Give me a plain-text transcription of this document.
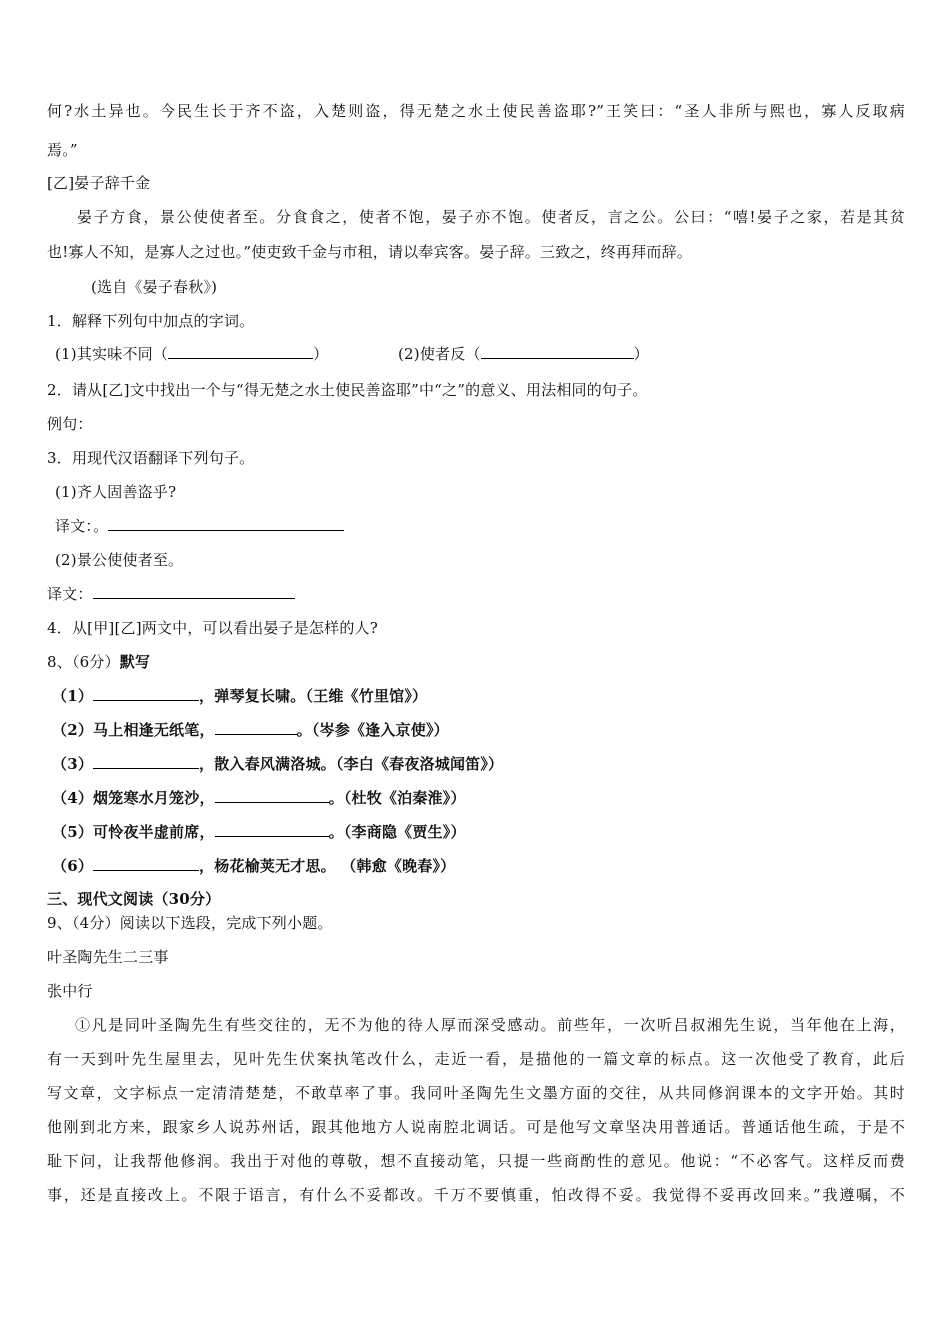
何?水土异也。今民生长于齐不盗，入楚则盗，得无楚之水土使民善盗耶?”王笑曰：“圣人非所与熙也，寡人反取病
焉。”
[乙]晏子辞千金
晏子方食，景公使使者至。分食食之，使者不饱，晏子亦不饱。使者反，言之公。公曰：“嘻!晏子之家，若是其贫
也!寡人不知，是寡人之过也。”使吏致千金与市租，请以奉宾客。晏子辞。三致之，终再拜而辞。
(选自《晏子春秋》)
1．解释下列句中加点的字词。
(1)其实味不同（	）	(2)使者反（	）
2．请从[乙]文中找出一个与“得无楚之水土使民善盗耶”中“之”的意义、用法相同的句子。
例句：
3．用现代汉语翻译下列句子。
(1)齐人固善盗乎?
译文：。
(2)景公使使者至。
译文：
4．从[甲][乙]两文中，可以看出晏子是怎样的人?
8、（6分）默写
（1）	，弹琴复长啸。（王维《竹里馆》）
（2）马上相逢无纸笔，	。（岑参《逢入京使》）
（3）	，散入春风满洛城。（李白《春夜洛城闻笛》）
（4）烟笼寒水月笼沙，	。（杜牧《泊秦淮》）
（5）可怜夜半虚前席，	。（李商隐《贾生》）
（6）	，杨花榆荚无才思。 （韩愈《晚春》）
三、现代文阅读（30分）
9、（4分）阅读以下选段，完成下列小题。
叶圣陶先生二三事
张中行
①凡是同叶圣陶先生有些交往的，无不为他的待人厚而深受感动。前些年，一次听吕叔湘先生说，当年他在上海，
有一天到叶先生屋里去，见叶先生伏案执笔改什么，走近一看，是描他的一篇文章的标点。这一次他受了教育，此后
写文章，文字标点一定清清楚楚，不敢草率了事。我同叶圣陶先生文墨方面的交往，从共同修润课本的文字开始。其时
他刚到北方来，跟家乡人说苏州话，跟其他地方人说南腔北调话。可是他写文章坚决用普通话。普通话他生疏，于是不
耻下问，让我帮他修润。我出于对他的尊敬，想不直接动笔，只提一些商酌性的意见。他说：“不必客气。这样反而费
事，还是直接改上。不限于语言，有什么不妥都改。千万不要慎重，怕改得不妥。我觉得不妥再改回来。”我遵嘱，不
